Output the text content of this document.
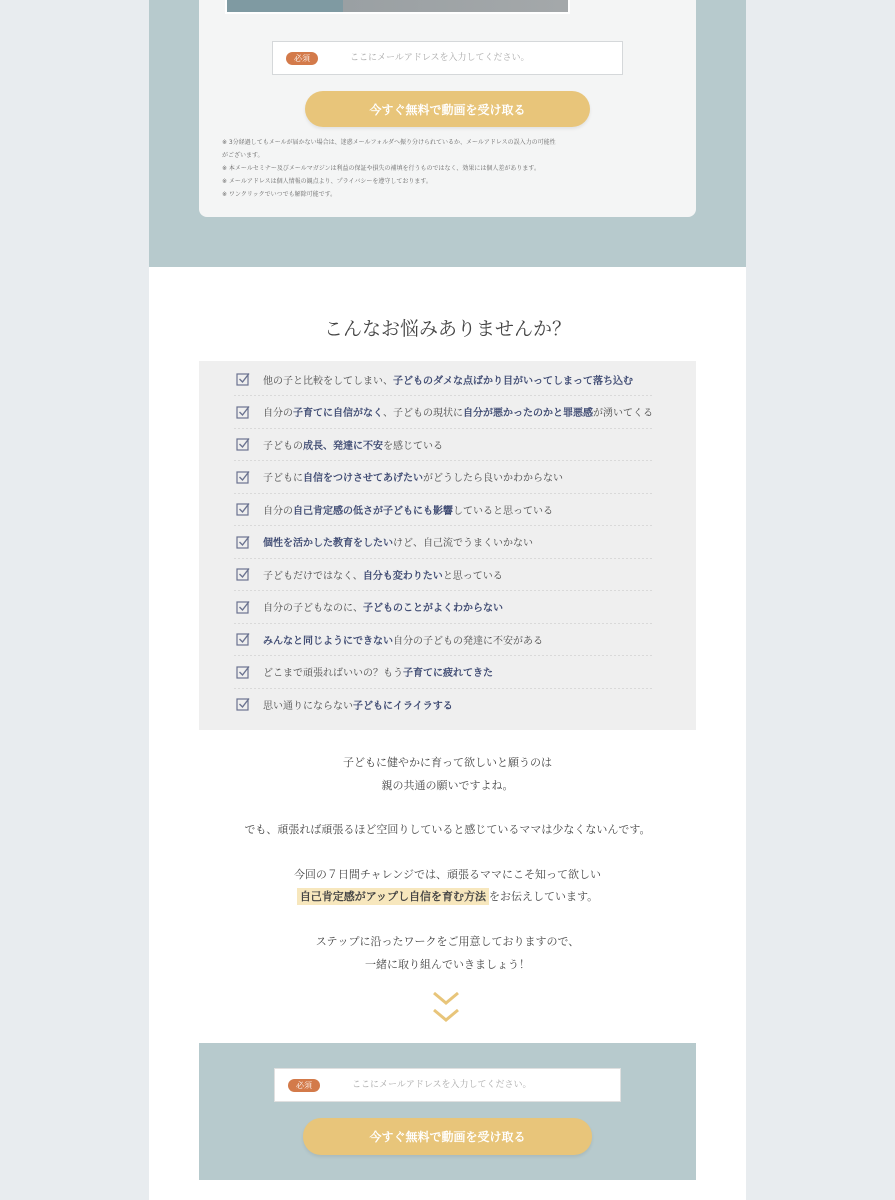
必須
ここにメールアドレスを入力してください。
今すぐ無料で動画を受け取る
※ 3分経過してもメールが届かない場合は、迷惑メールフォルダへ振り分けられているか、メールアドレスの誤入力の可能性
がございます。
※ 本メールセミナー及びメールマガジンは利益の保証や損失の補填を行うものではなく、効果には個人差があります。
※ メールアドレスは個人情報の観点より、プライバシーを遵守しております。
※ ワンクリックでいつでも解除可能です。
こんなお悩みありませんか？
他の子と比較をしてしまい、 子どものダメな点ばかり目がいってしまって落ち込む
自分の 子育てに自信がなく 、子どもの現状に 自分が悪かったのかと罪悪感 が湧いてくる
子どもの 成長、発達に不安 を感じている
子どもに 自信をつけさせてあげたい がどうしたら良いかわからない
自分の 自己肯定感の低さが子どもにも影響 していると思っている
個性を活かした教育をしたい けど、自己流でうまくいかない
子どもだけではなく、 自分も変わりたい と思っている
自分の子どもなのに、 子どものことがよくわからない
みんなと同じようにできない 自分の子どもの発達に不安がある
どこまで頑張ればいいの？もう 子育てに疲れてきた
思い通りにならない 子どもにイライラする
子どもに健やかに育って欲しいと願うのは
親の共通の願いですよね。
でも、頑張れば頑張るほど空回りしていると感じているママは少なくないんです。
今回の７日間チャレンジでは、頑張るママにこそ知って欲しい
自己肯定感がアップし自信を育む方法 をお伝えしています。
ステップに沿ったワークをご用意しておりますので、
一緒に取り組んでいきましょう！
必須
ここにメールアドレスを入力してください。
今すぐ無料で動画を受け取る
